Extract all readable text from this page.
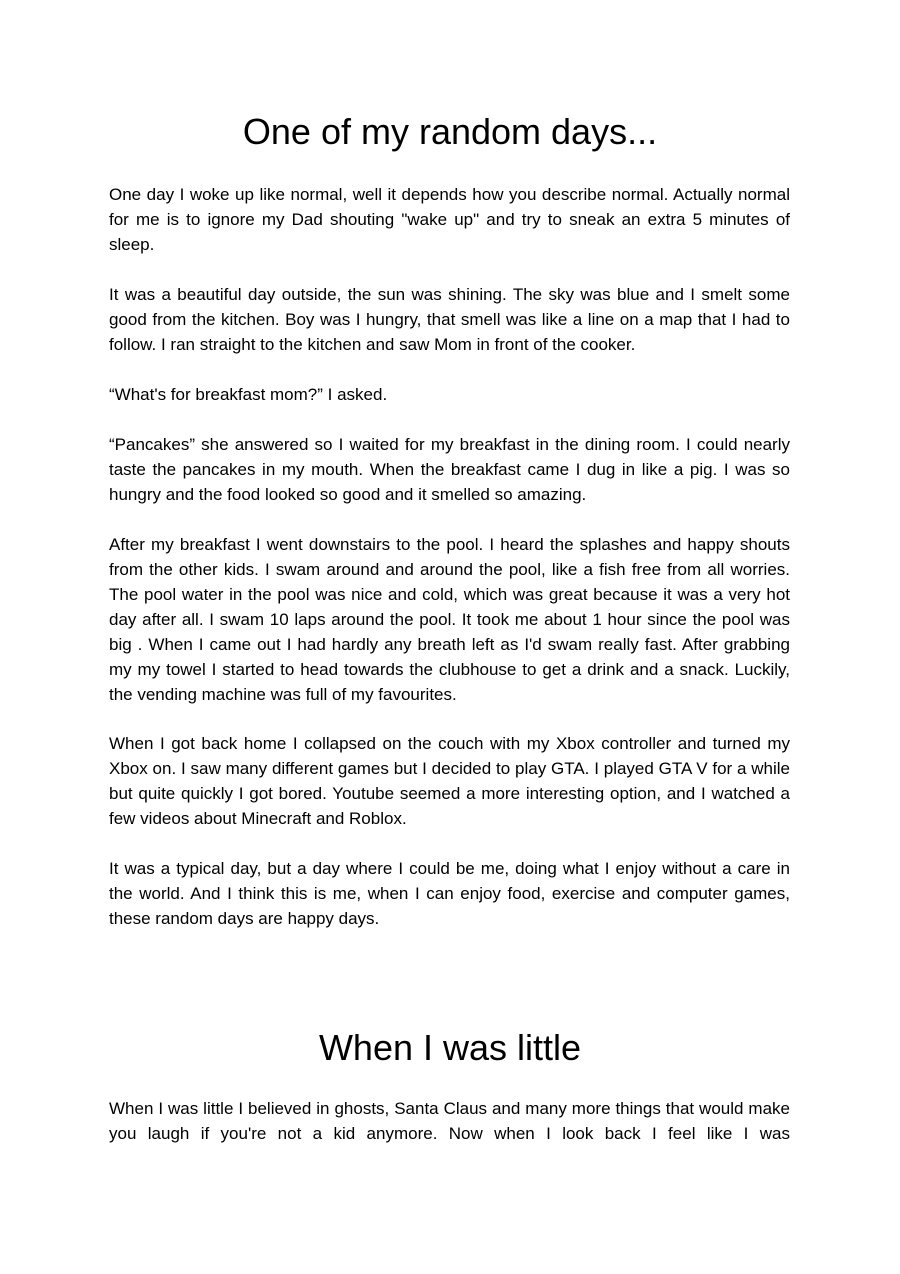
One of my random days...

One day I woke up like normal, well it depends how you describe normal. Actually normal for me is to ignore my Dad shouting "wake up" and try to sneak an extra 5 minutes of sleep.

It was a beautiful day outside, the sun was shining. The sky was blue and I smelt some good from the kitchen. Boy was I hungry, that smell was like a line on a map that I had to follow. I ran straight to the kitchen and saw Mom in front of the cooker.

“What's for breakfast mom?” I asked.

“Pancakes” she answered so I waited for my breakfast in the dining room. I could nearly taste the pancakes in my mouth. When the breakfast came I dug in like a pig. I was so hungry and the food looked so good and it smelled so amazing.

After my breakfast I went downstairs to the pool. I heard the splashes and happy shouts from the other kids. I swam around and around the pool, like a fish free from all worries. The pool water in the pool was nice and cold, which was great because it was a very hot day after all. I swam 10 laps around the pool. It took me about 1 hour since the pool was big . When I came out I had hardly any breath left as I'd swam really fast. After grabbing my my towel I started to head towards the clubhouse to get a drink and a snack. Luckily, the vending machine was full of my favourites.

When I got back home I collapsed on the couch with my Xbox controller and turned my Xbox on. I saw many different games but I decided to play GTA. I played GTA V for a while but quite quickly I got bored. Youtube seemed a more interesting option, and I watched a few videos about Minecraft and Roblox.

It was a typical day, but a day where I could be me, doing what I enjoy without a care in the world. And I think this is me, when I can enjoy food, exercise and computer games, these random days are happy days.

When I was little

When I was little I believed in ghosts, Santa Claus and many more things that would make you laugh if you're not a kid anymore. Now when I look back I feel like I was
